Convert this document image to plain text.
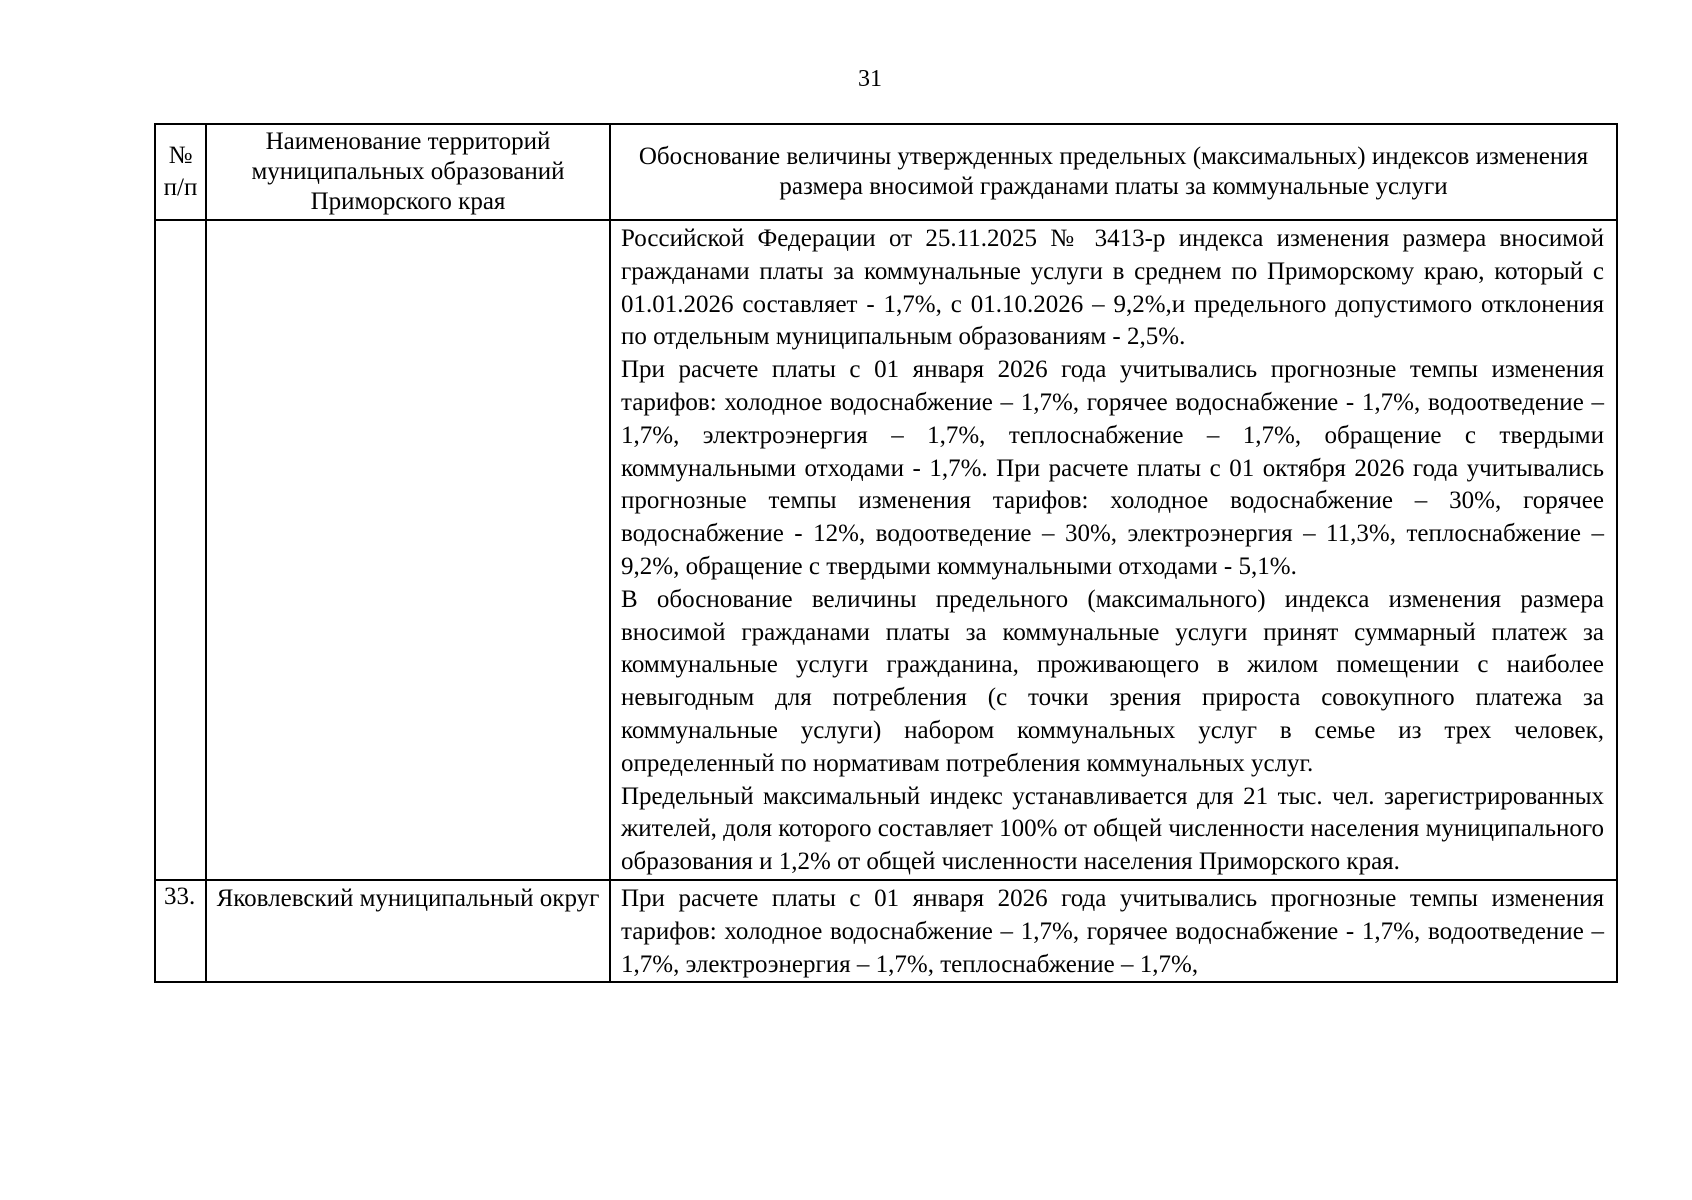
31
№ п/п	Наименование территорий муниципальных образований Приморского края	Обоснование величины утвержденных предельных (максимальных) индексов изменения размера вносимой гражданами платы за коммунальные услуги

		Российской Федерации от 25.11.2025 № 3413-р индекса изменения размера вносимой гражданами платы за коммунальные услуги в среднем по Приморскому краю, который с 01.01.2026 составляет - 1,7%, с 01.10.2026 – 9,2%,и предельного допустимого отклонения по отдельным муниципальным образованиям - 2,5%.

При расчете платы с 01 января 2026 года учитывались прогнозные темпы изменения тарифов: холодное водоснабжение – 1,7%, горячее водоснабжение - 1,7%, водоотведение – 1,7%, электроэнергия – 1,7%, теплоснабжение – 1,7%, обращение с твердыми коммунальными отходами - 1,7%. При расчете платы с 01 октября 2026 года учитывались прогнозные темпы изменения тарифов: холодное водоснабжение – 30%, горячее водоснабжение - 12%, водоотведение – 30%, электроэнергия – 11,3%, теплоснабжение – 9,2%, обращение с твердыми коммунальными отходами - 5,1%.

В обоснование величины предельного (максимального) индекса изменения размера вносимой гражданами платы за коммунальные услуги принят суммарный платеж за коммунальные услуги гражданина, проживающего в жилом помещении с наиболее невыгодным для потребления (с точки зрения прироста совокупного платежа за коммунальные услуги) набором коммунальных услуг в семье из трех человек, определенный по нормативам потребления коммунальных услуг.

Предельный максимальный индекс устанавливается для 21 тыс. чел. зарегистрированных жителей, доля которого составляет 100% от общей численности населения муниципального образования и 1,2% от общей численности населения Приморского края.

33.	Яковлевский муниципальный округ	При расчете платы с 01 января 2026 года учитывались прогнозные темпы изменения тарифов: холодное водоснабжение – 1,7%, горячее водоснабжение - 1,7%, водоотведение – 1,7%, электроэнергия – 1,7%, теплоснабжение – 1,7%,
